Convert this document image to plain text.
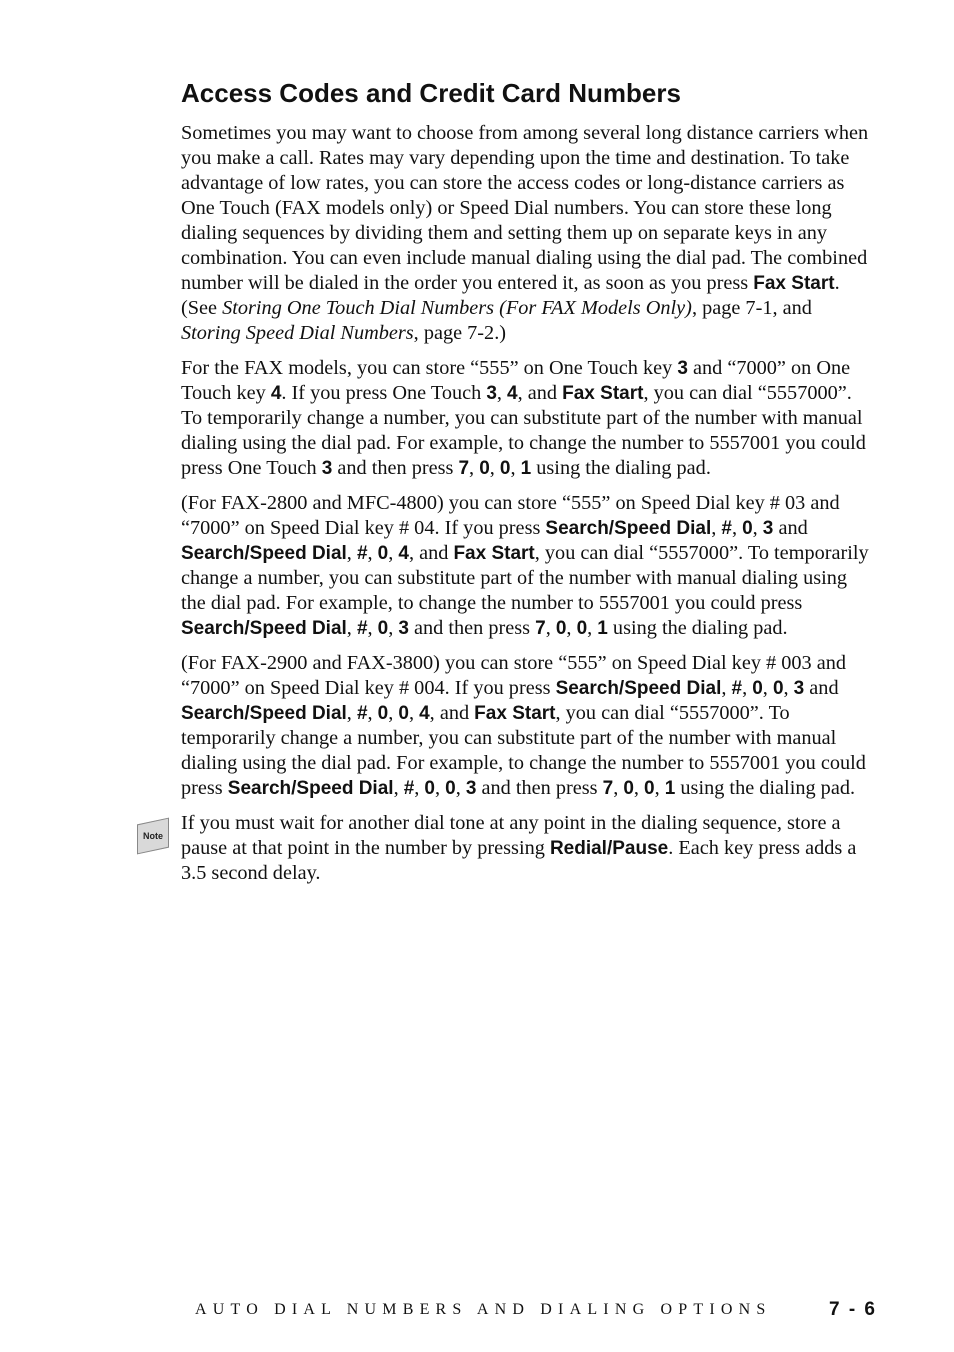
Access Codes and Credit Card Numbers

Sometimes you may want to choose from among several long distance carriers when you make a call. Rates may vary depending upon the time and destination. To take advantage of low rates, you can store the access codes or long-distance carriers as One Touch (FAX models only) or Speed Dial numbers. You can store these long dialing sequences by dividing them and setting them up on separate keys in any combination. You can even include manual dialing using the dial pad. The combined number will be dialed in the order you entered it, as soon as you press Fax Start. (See Storing One Touch Dial Numbers (For FAX Models Only), page 7-1, and Storing Speed Dial Numbers, page 7-2.)

For the FAX models, you can store “555” on One Touch key 3 and “7000” on One Touch key 4. If you press One Touch 3, 4, and Fax Start, you can dial “5557000”. To temporarily change a number, you can substitute part of the number with manual dialing using the dial pad. For example, to change the number to 5557001 you could press One Touch 3 and then press 7, 0, 0, 1 using the dialing pad.

(For FAX-2800 and MFC-4800) you can store “555” on Speed Dial key # 03 and “7000” on Speed Dial key # 04. If you press Search/Speed Dial, #, 0, 3 and Search/Speed Dial, #, 0, 4, and Fax Start, you can dial “5557000”. To temporarily change a number, you can substitute part of the number with manual dialing using the dial pad. For example, to change the number to 5557001 you could press Search/Speed Dial, #, 0, 3 and then press 7, 0, 0, 1 using the dialing pad.

(For FAX-2900 and FAX-3800) you can store “555” on Speed Dial key # 003 and “7000” on Speed Dial key # 004. If you press Search/Speed Dial, #, 0, 0, 3 and Search/Speed Dial, #, 0, 0, 4, and Fax Start, you can dial “5557000”. To temporarily change a number, you can substitute part of the number with manual dialing using the dial pad. For example, to change the number to 5557001 you could press Search/Speed Dial, #, 0, 0, 3 and then press 7, 0, 0, 1 using the dialing pad.

Note

If you must wait for another dial tone at any point in the dialing sequence, store a pause at that point in the number by pressing Redial/Pause. Each key press adds a 3.5 second delay.

AUTO DIAL NUMBERS AND DIALING OPTIONS	7 - 6
